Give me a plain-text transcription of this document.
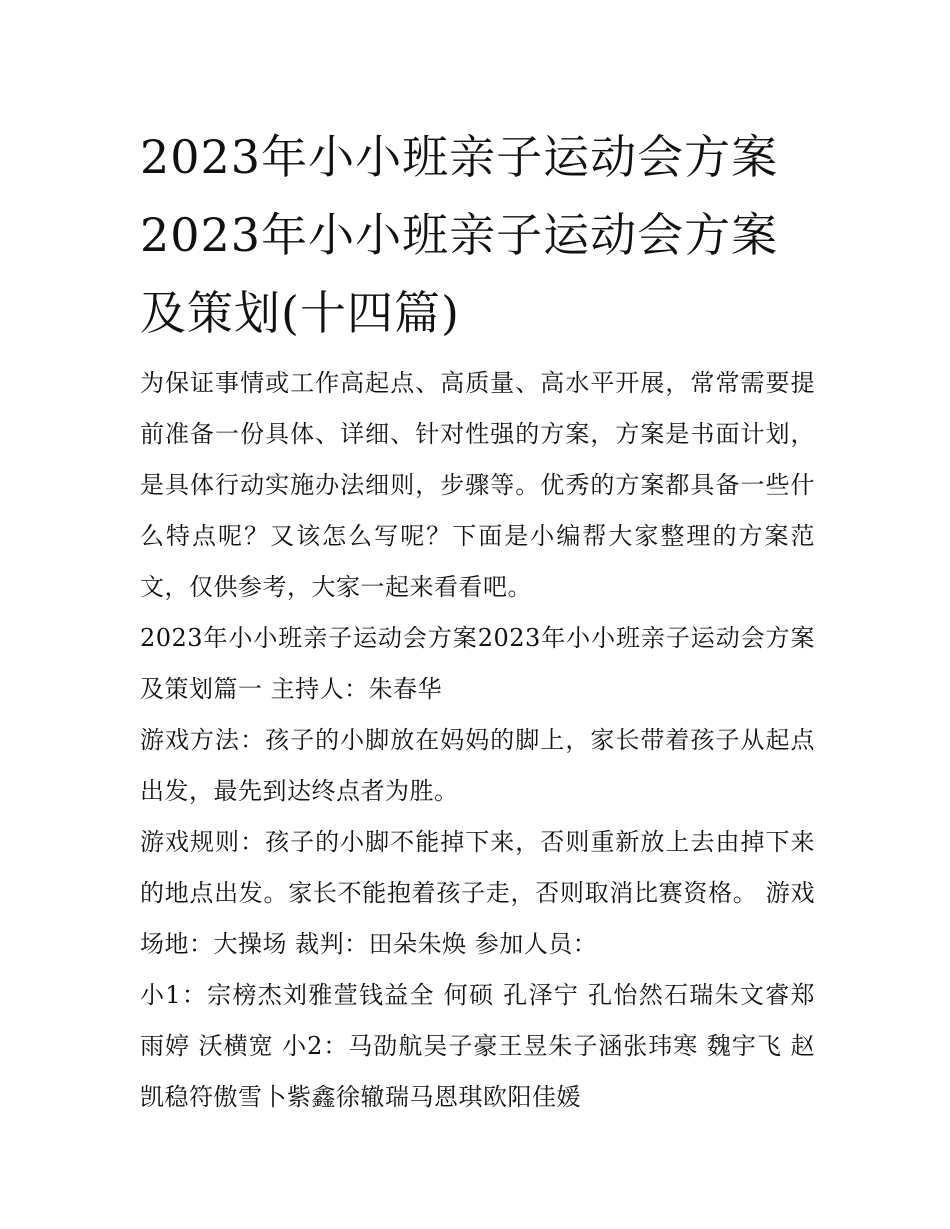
2023年小小班亲子运动会方案2023年小小班亲子运动会方案及策划(十四篇)

为保证事情或工作高起点、高质量、高水平开展，常常需要提前准备一份具体、详细、针对性强的方案，方案是书面计划，是具体行动实施办法细则，步骤等。优秀的方案都具备一些什么特点呢？又该怎么写呢？下面是小编帮大家整理的方案范文，仅供参考，大家一起来看看吧。

2023年小小班亲子运动会方案2023年小小班亲子运动会方案及策划篇一 主持人：朱春华

游戏方法：孩子的小脚放在妈妈的脚上，家长带着孩子从起点出发，最先到达终点者为胜。

游戏规则：孩子的小脚不能掉下来，否则重新放上去由掉下来的地点出发。家长不能抱着孩子走，否则取消比赛资格。 游戏场地：大操场 裁判：田朵朱焕 参加人员：

小1：宗榜杰刘雅萱钱益全 何硕 孔泽宁 孔怡然石瑞朱文睿郑雨婷 沃横宽 小2：马劭航吴子豪王昱朱子涵张玮寒 魏宇飞 赵凯稳符傲雪卜紫鑫徐辙瑞马恩琪欧阳佳媛
